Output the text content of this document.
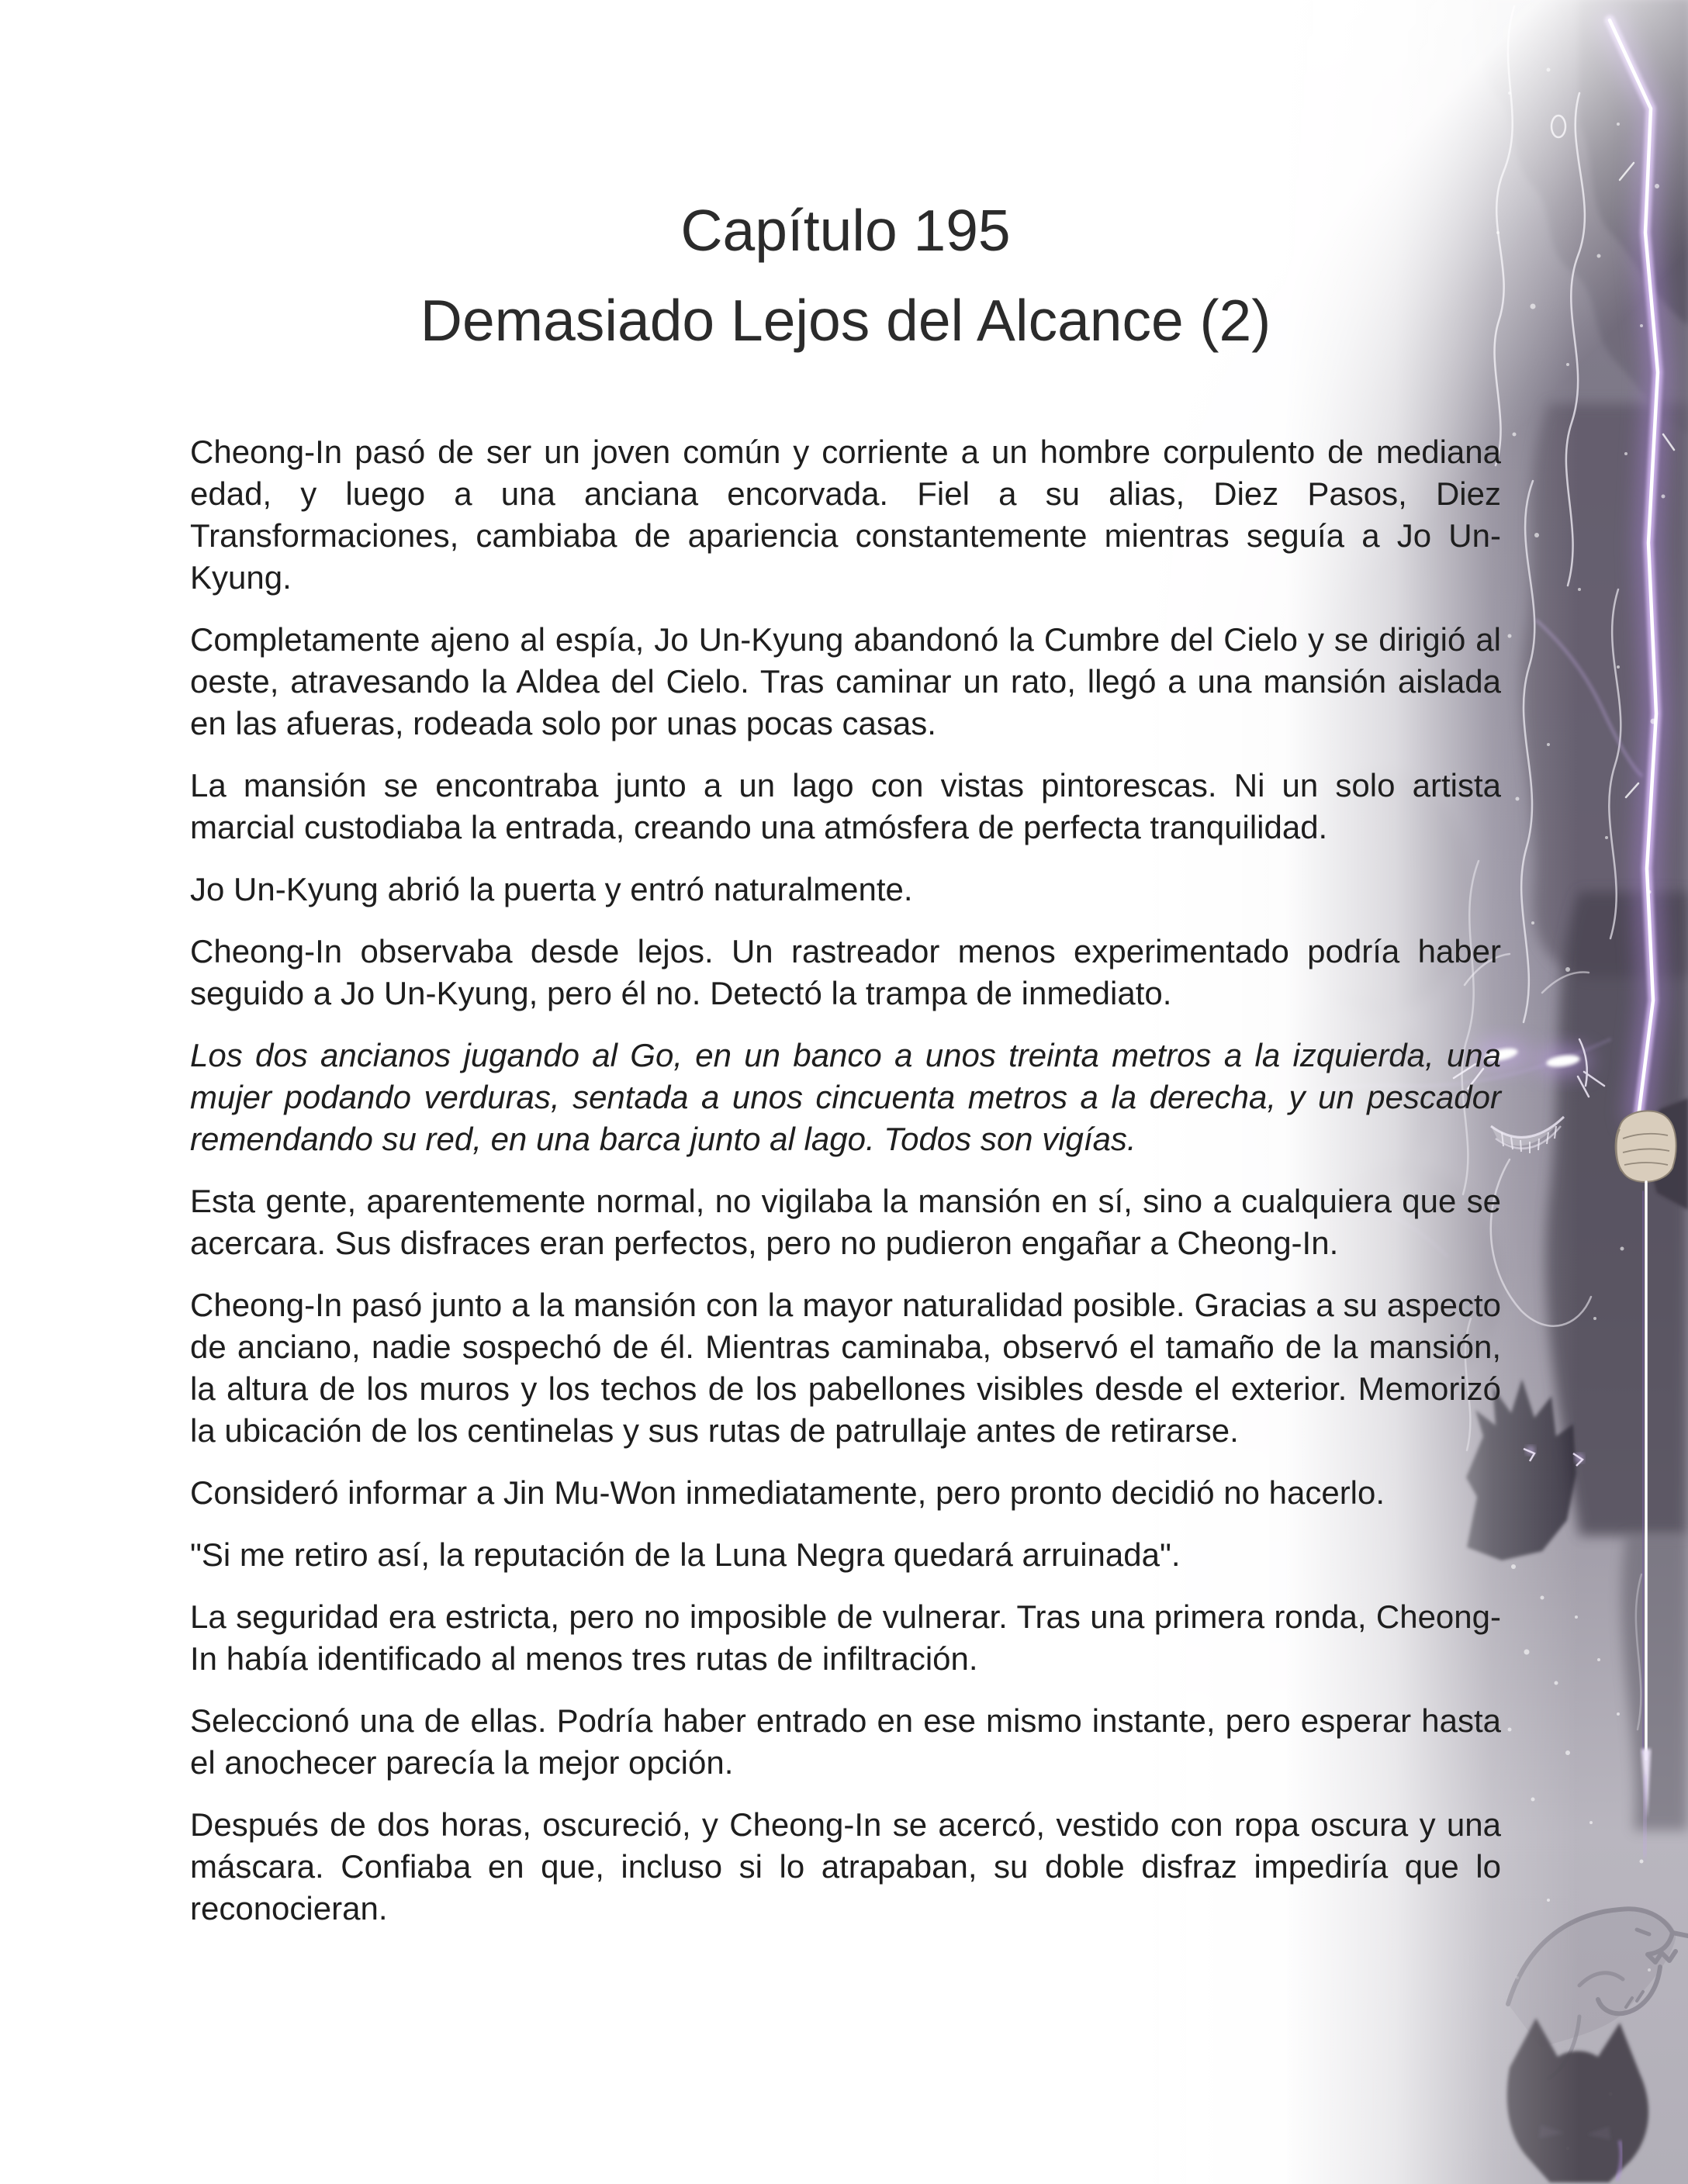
Capítulo 195
Demasiado Lejos del Alcance (2)

Cheong-In pasó de ser un joven común y corriente a un hombre corpulento de mediana edad, y luego a una anciana encorvada. Fiel a su alias, Diez Pasos, Diez Transformaciones, cambiaba de apariencia constantemente mientras seguía a Jo Un-Kyung.

Completamente ajeno al espía, Jo Un-Kyung abandonó la Cumbre del Cielo y se dirigió al oeste, atravesando la Aldea del Cielo. Tras caminar un rato, llegó a una mansión aislada en las afueras, rodeada solo por unas pocas casas.

La mansión se encontraba junto a un lago con vistas pintorescas. Ni un solo artista marcial custodiaba la entrada, creando una atmósfera de perfecta tranquilidad.

Jo Un-Kyung abrió la puerta y entró naturalmente.

Cheong-In observaba desde lejos. Un rastreador menos experimentado podría haber seguido a Jo Un-Kyung, pero él no. Detectó la trampa de inmediato.

Los dos ancianos jugando al Go, en un banco a unos treinta metros a la izquierda, una mujer podando verduras, sentada a unos cincuenta metros a la derecha, y un pescador remendando su red, en una barca junto al lago. Todos son vigías.

Esta gente, aparentemente normal, no vigilaba la mansión en sí, sino a cualquiera que se acercara. Sus disfraces eran perfectos, pero no pudieron engañar a Cheong-In.

Cheong-In pasó junto a la mansión con la mayor naturalidad posible. Gracias a su aspecto de anciano, nadie sospechó de él. Mientras caminaba, observó el tamaño de la mansión, la altura de los muros y los techos de los pabellones visibles desde el exterior. Memorizó la ubicación de los centinelas y sus rutas de patrullaje antes de retirarse.

Consideró informar a Jin Mu-Won inmediatamente, pero pronto decidió no hacerlo.

"Si me retiro así, la reputación de la Luna Negra quedará arruinada".

La seguridad era estricta, pero no imposible de vulnerar. Tras una primera ronda, Cheong-In había identificado al menos tres rutas de infiltración.

Seleccionó una de ellas. Podría haber entrado en ese mismo instante, pero esperar hasta el anochecer parecía la mejor opción.

Después de dos horas, oscureció, y Cheong-In se acercó, vestido con ropa oscura y una máscara. Confiaba en que, incluso si lo atrapaban, su doble disfraz impediría que lo reconocieran.
